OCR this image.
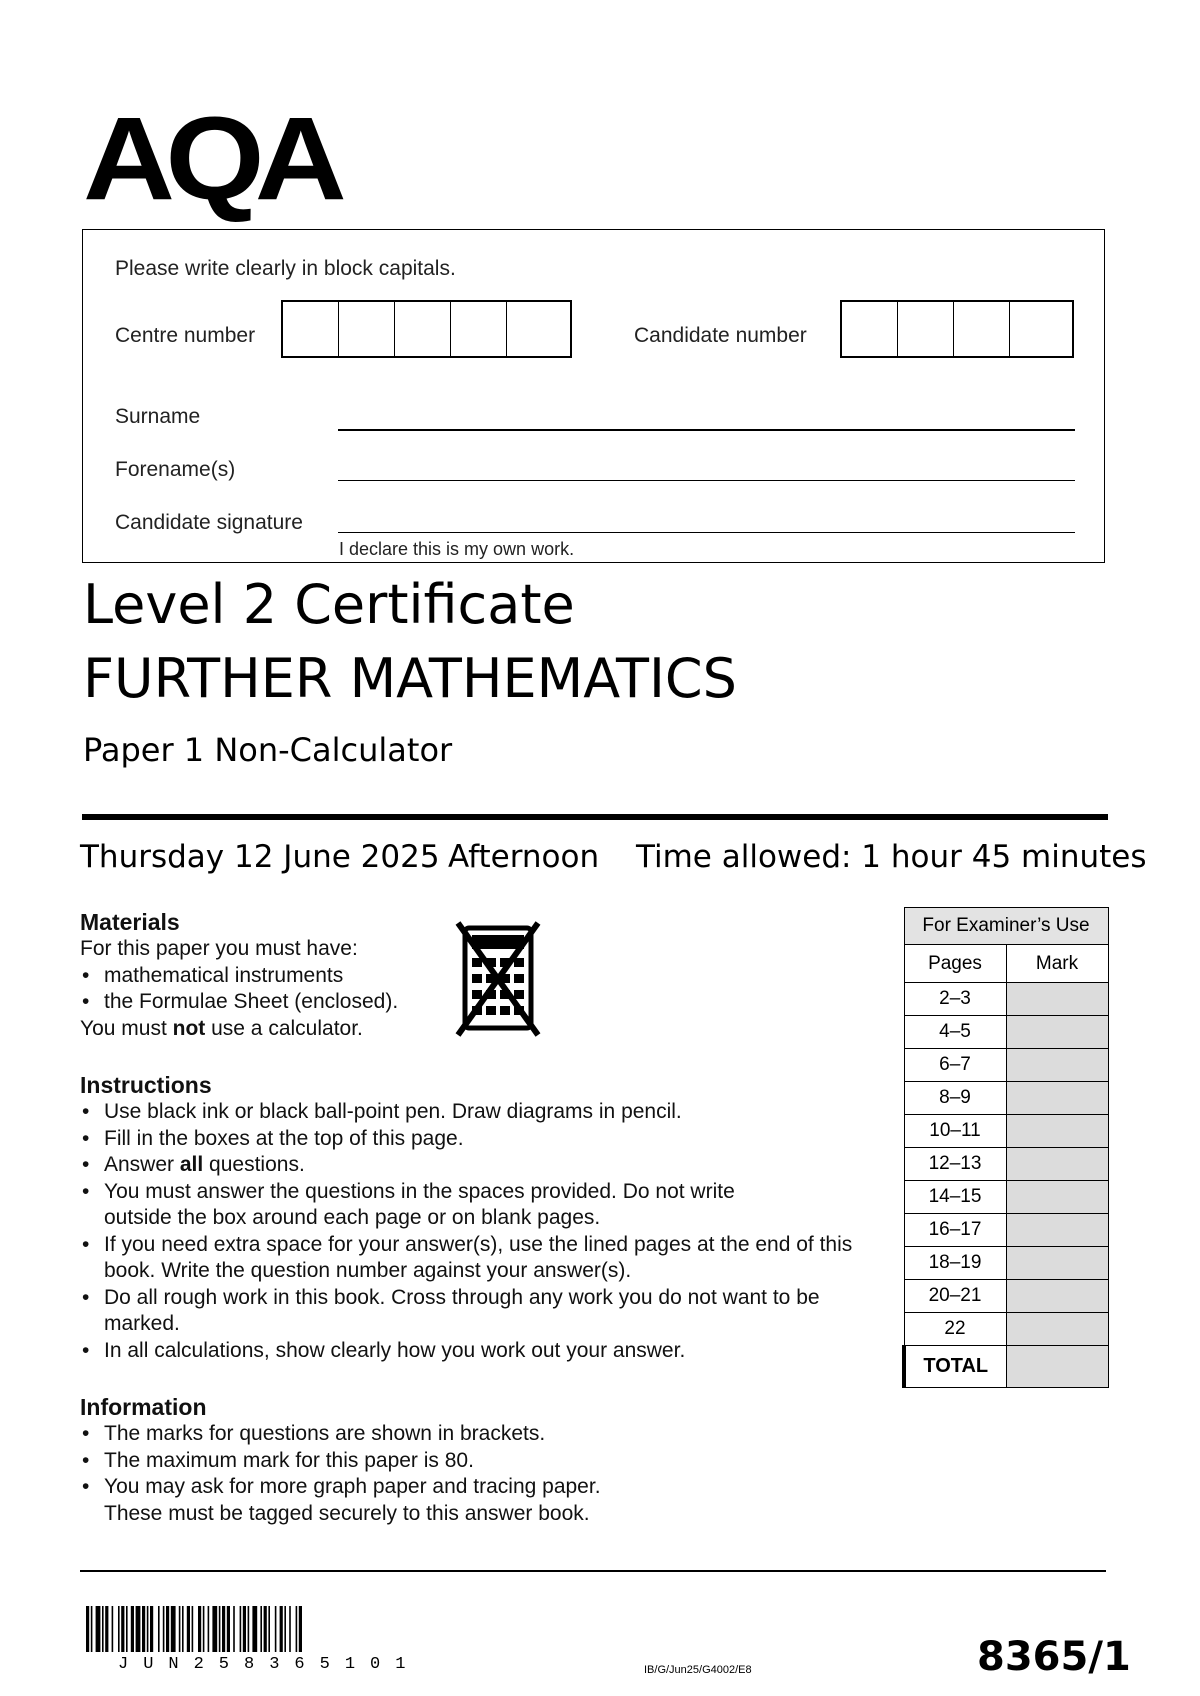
AQA
Please write clearly in block capitals.
Centre number	Candidate number
Surname
Forename(s)
Candidate signature
I declare this is my own work.
Level 2 Certificate
FURTHER MATHEMATICS
Paper 1 Non-Calculator
Thursday 12 June 2025 Afternoon Time allowed: 1 hour 45 minutes
Materials
For this paper you must have:
• mathematical instruments
• the Formulae Sheet (enclosed).
You must not use a calculator.
Instructions
• Use black ink or black ball-point pen. Draw diagrams in pencil.
• Fill in the boxes at the top of this page.
• Answer all questions.
• You must answer the questions in the spaces provided. Do not write outside the box around each page or on blank pages.
• If you need extra space for your answer(s), use the lined pages at the end of this book. Write the question number against your answer(s).
• Do all rough work in this book. Cross through any work you do not want to be marked.
• In all calculations, show clearly how you work out your answer.
Information
• The marks for questions are shown in brackets.
• The maximum mark for this paper is 80.
• You may ask for more graph paper and tracing paper. These must be tagged securely to this answer book.
For Examiner’s Use	
Pages	Mark
2–3	
4–5	
6–7	
8–9	
10–11	
12–13	
14–15	
16–17	
18–19	
20–21	
22	
TOTAL	
JUN258365101	IB/G/Jun25/G4002/E8	8365/1
